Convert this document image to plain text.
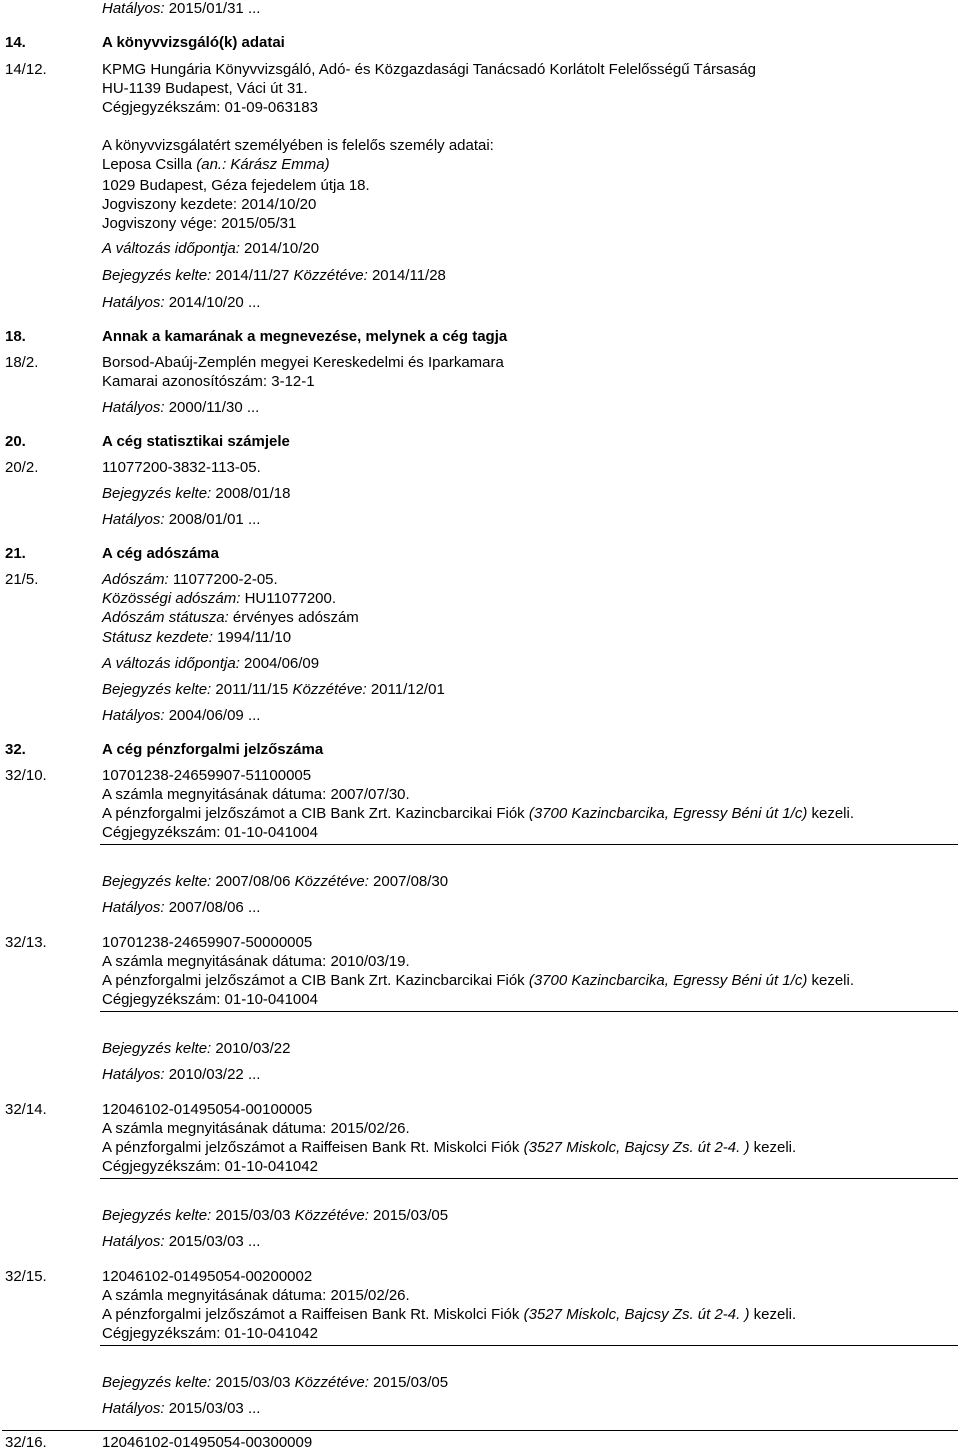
Hatályos: 2015/01/31 ...
14.	A könyvvizsgáló(k) adatai
14/12.	KPMG Hungária Könyvvizsgáló, Adó- és Közgazdasági Tanácsadó Korlátolt Felelősségű Társaság
HU-1139 Budapest, Váci út 31.
Cégjegyzékszám: 01-09-063183
A könyvvizsgálatért személyében is felelős személy adatai:
Leposa Csilla (an.: Kárász Emma)
1029 Budapest, Géza fejedelem útja 18.
Jogviszony kezdete: 2014/10/20
Jogviszony vége: 2015/05/31
A változás időpontja: 2014/10/20
Bejegyzés kelte: 2014/11/27 Közzétéve: 2014/11/28
Hatályos: 2014/10/20 ...
18.	Annak a kamarának a megnevezése, melynek a cég tagja
18/2.	Borsod-Abaúj-Zemplén megyei Kereskedelmi és Iparkamara
Kamarai azonosítószám: 3-12-1
Hatályos: 2000/11/30 ...
20.	A cég statisztikai számjele
20/2.	11077200-3832-113-05.
Bejegyzés kelte: 2008/01/18
Hatályos: 2008/01/01 ...
21.	A cég adószáma
21/5.	Adószám: 11077200-2-05.
Közösségi adószám: HU11077200.
Adószám státusza: érvényes adószám
Státusz kezdete: 1994/11/10
A változás időpontja: 2004/06/09
Bejegyzés kelte: 2011/11/15 Közzétéve: 2011/12/01
Hatályos: 2004/06/09 ...
32.	A cég pénzforgalmi jelzőszáma
32/10.	10701238-24659907-51100005
A számla megnyitásának dátuma: 2007/07/30.
A pénzforgalmi jelzőszámot a CIB Bank Zrt. Kazincbarcikai Fiók (3700 Kazincbarcika, Egressy Béni út 1/c) kezeli.
Cégjegyzékszám: 01-10-041004
Bejegyzés kelte: 2007/08/06 Közzétéve: 2007/08/30
Hatályos: 2007/08/06 ...
32/13.	10701238-24659907-50000005
A számla megnyitásának dátuma: 2010/03/19.
A pénzforgalmi jelzőszámot a CIB Bank Zrt. Kazincbarcikai Fiók (3700 Kazincbarcika, Egressy Béni út 1/c) kezeli.
Cégjegyzékszám: 01-10-041004
Bejegyzés kelte: 2010/03/22
Hatályos: 2010/03/22 ...
32/14.	12046102-01495054-00100005
A számla megnyitásának dátuma: 2015/02/26.
A pénzforgalmi jelzőszámot a Raiffeisen Bank Rt. Miskolci Fiók (3527 Miskolc, Bajcsy Zs. út 2-4. ) kezeli.
Cégjegyzékszám: 01-10-041042
Bejegyzés kelte: 2015/03/03 Közzétéve: 2015/03/05
Hatályos: 2015/03/03 ...
32/15.	12046102-01495054-00200002
A számla megnyitásának dátuma: 2015/02/26.
A pénzforgalmi jelzőszámot a Raiffeisen Bank Rt. Miskolci Fiók (3527 Miskolc, Bajcsy Zs. út 2-4. ) kezeli.
Cégjegyzékszám: 01-10-041042
Bejegyzés kelte: 2015/03/03 Közzétéve: 2015/03/05
Hatályos: 2015/03/03 ...
32/16.	12046102-01495054-00300009
